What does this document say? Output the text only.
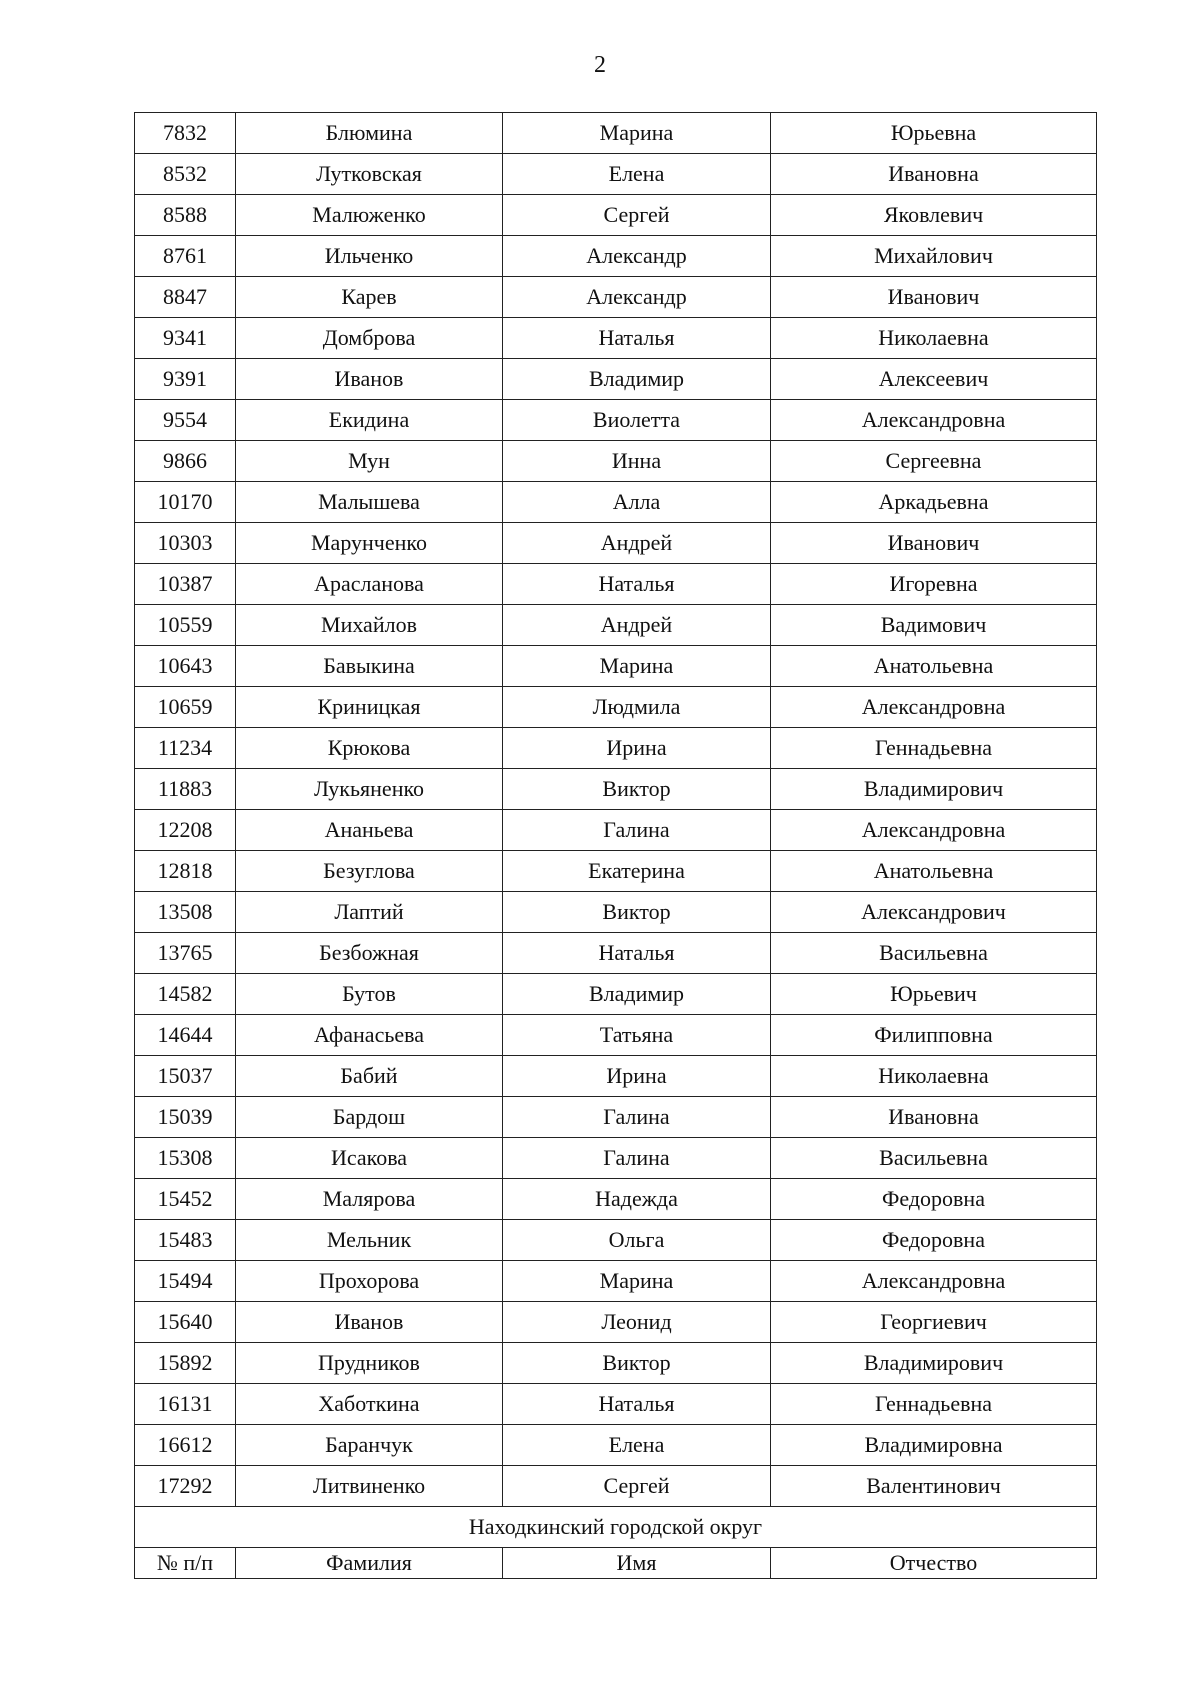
2
7832	Блюмина	Марина	Юрьевна
8532	Лутковская	Елена	Ивановна
8588	Малюженко	Сергей	Яковлевич
8761	Ильченко	Александр	Михайлович
8847	Карев	Александр	Иванович
9341	Домброва	Наталья	Николаевна
9391	Иванов	Владимир	Алексеевич
9554	Екидина	Виолетта	Александровна
9866	Мун	Инна	Сергеевна
10170	Малышева	Алла	Аркадьевна
10303	Марунченко	Андрей	Иванович
10387	Арасланова	Наталья	Игоревна
10559	Михайлов	Андрей	Вадимович
10643	Бавыкина	Марина	Анатольевна
10659	Криницкая	Людмила	Александровна
11234	Крюкова	Ирина	Геннадьевна
11883	Лукьяненко	Виктор	Владимирович
12208	Ананьева	Галина	Александровна
12818	Безуглова	Екатерина	Анатольевна
13508	Лаптий	Виктор	Александрович
13765	Безбожная	Наталья	Васильевна
14582	Бутов	Владимир	Юрьевич
14644	Афанасьева	Татьяна	Филипповна
15037	Бабий	Ирина	Николаевна
15039	Бардош	Галина	Ивановна
15308	Исакова	Галина	Васильевна
15452	Малярова	Надежда	Федоровна
15483	Мельник	Ольга	Федоровна
15494	Прохорова	Марина	Александровна
15640	Иванов	Леонид	Георгиевич
15892	Прудников	Виктор	Владимирович
16131	Хаботкина	Наталья	Геннадьевна
16612	Баранчук	Елена	Владимировна
17292	Литвиненко	Сергей	Валентинович
Находкинский городской округ			
№ п/п	Фамилия	Имя	Отчество
